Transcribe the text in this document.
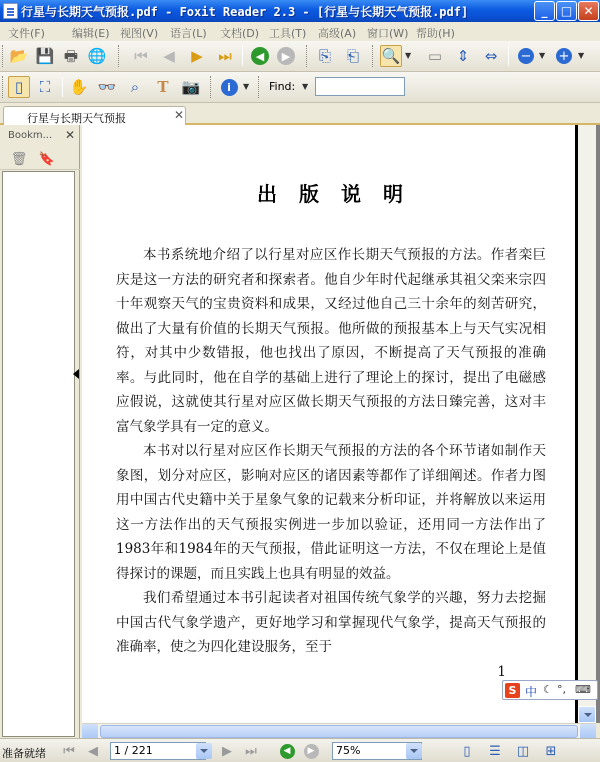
行星与长期天气预报.pdf - Foxit Reader 2.3 - [行星与长期天气预报.pdf]	_	□ ✕
文件(F) 编辑(E) 视图(V) 语言(L) 文档(D) 工具(T) 高级(A) 窗口(W) 帮助(H)
📂 💾 🖶 🌐 ⏮	◀	▶	⏭	◀	▶	⎘	⎗	🔍 ▼ ▭ ⇕	⇔	− ▼ +	▼
▯	⛶	✋ 👓 ⌕	T 📷	i	▼ Find: ▼
行星与长期天气预报	✕
Bookm... ✕
🗑 🔖
出版说明

本书系统地介绍了以行星对应区作长期天气预报的方法。作者栾巨庆是这一方法的研究者和探索者。他自少年时代起继承其祖父栾来宗四十年观察天气的宝贵资料和成果，又经过他自己三十余年的刻苦研究，做出了大量有价值的长期天气预报。他所做的预报基本上与天气实况相符，对其中少数错报，他也找出了原因，不断提高了天气预报的准确率。与此同时，他在自学的基础上进行了理论上的探讨，提出了电磁感应假说，这就使其行星对应区做长期天气预报的方法日臻完善，这对丰富气象学具有一定的意义。

本书对以行星对应区作长期天气预报的方法的各个环节诸如制作天象图，划分对应区，影响对应区的诸因素等都作了详细阐述。作者力图用中国古代史籍中关于星象气象的记载来分析印证，并将解放以来运用这一方法作出的天气预报实例进一步加以验证，还用同一方法作出了1983年和1984年的天气预报，借此证明这一方法，不仅在理论上是值得探讨的课题，而且实践上也具有明显的效益。

我们希望通过本书引起读者对祖国传统气象学的兴趣，努力去挖掘中国古代气象学遗产，更好地学习和掌握现代气象学，提高天气预报的准确率，使之为四化建设服务，至于

1

S 中 ☾ °, ⌨
准备就绪 ⏮	◀	1 / 221	▶	⏭	◀	▶	75%	▯	☰ ◫ ⊞
